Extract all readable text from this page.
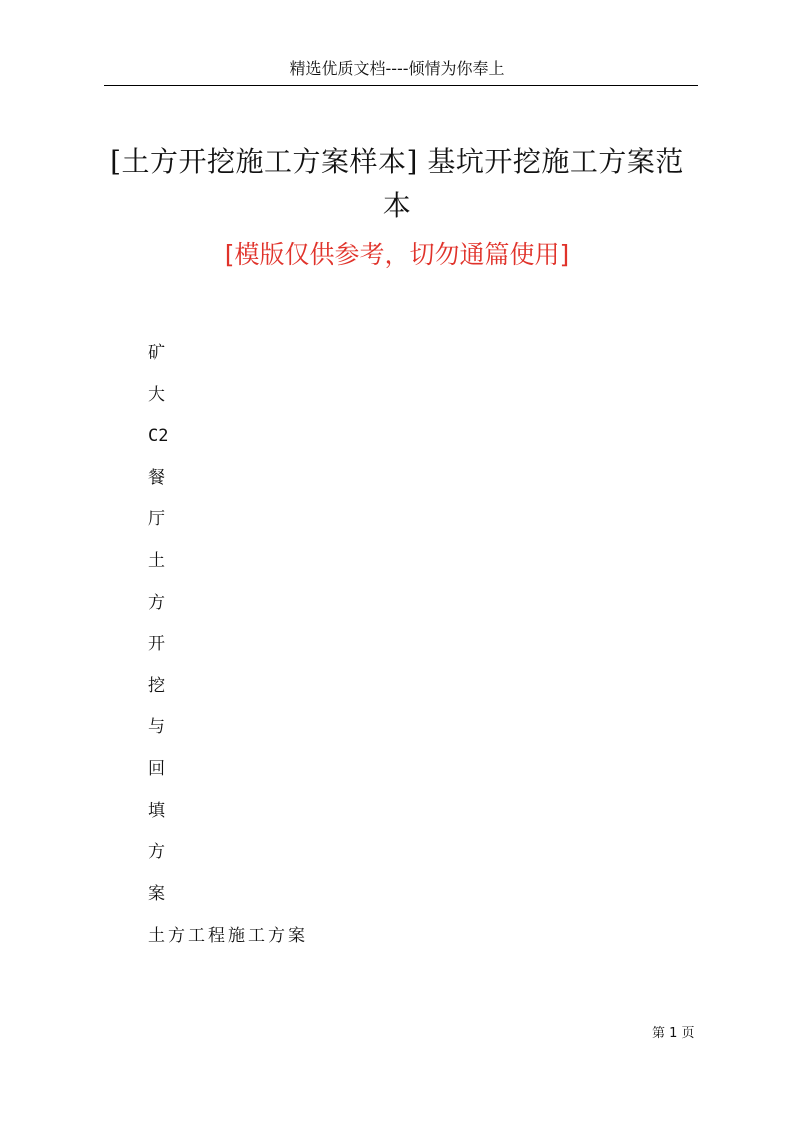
精选优质文档----倾情为你奉上
[土方开挖施工方案样本] 基坑开挖施工方案范本
[模版仅供参考，切勿通篇使用]
矿
大
C2
餐
厅
土
方
开
挖
与
回
填
方
案
土方工程施工方案
第 1 页
